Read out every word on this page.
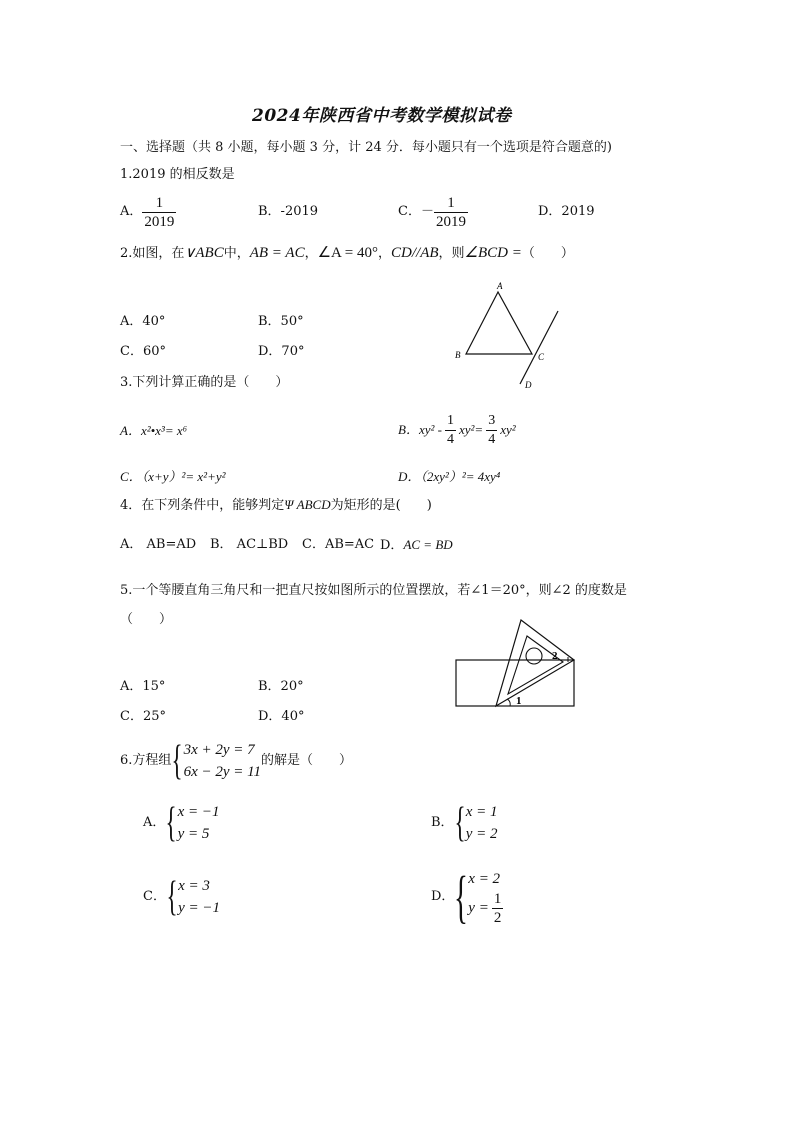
2024年陕西省中考数学模拟试卷
一、选择题（共 8 小题，每小题 3 分，计 24 分．每小题只有一个选项是符合题意的)
1.2019 的相反数是
A． $\frac{1}{2019}$	B．-2019	C．－ $\frac{1}{2019}$	D．2019
2.如图，在∨ABC中，AB = AC，∠A = 40°，CD//AB，则∠BCD =（　　）
A．40°	B．50°
C．60°	D．70°
A
B	C
D
3.下列计算正确的是（　　）
A．x²•x³= x⁶	B．$xy^2 - \frac{1}{4} xy^2= \frac{3}{4} xy^2$
C．（x+y）²= x²+y²	D．（2xy²）²= 4xy⁴
4．在下列条件中，能够判定Ψ ABCD为矩形的是(　　)
A． AB=AD B． AC⊥BD C．AB=AC D．AC = BD
5.一个等腰直角三角尺和一把直尺按如图所示的位置摆放，若∠1＝20°，则∠2 的度数是
（　　）
A．15°	B．20°
C．25°	D．40°
1
2
6.方程组 { 3x + 2y = 7
6x − 2y = 11
的解是（　　）
A． { x = −1
y = 5
B． { x = 1
y = 2
C． { x = 3
y = −1
D． { x = 2
$y = \frac{1}{2}$
